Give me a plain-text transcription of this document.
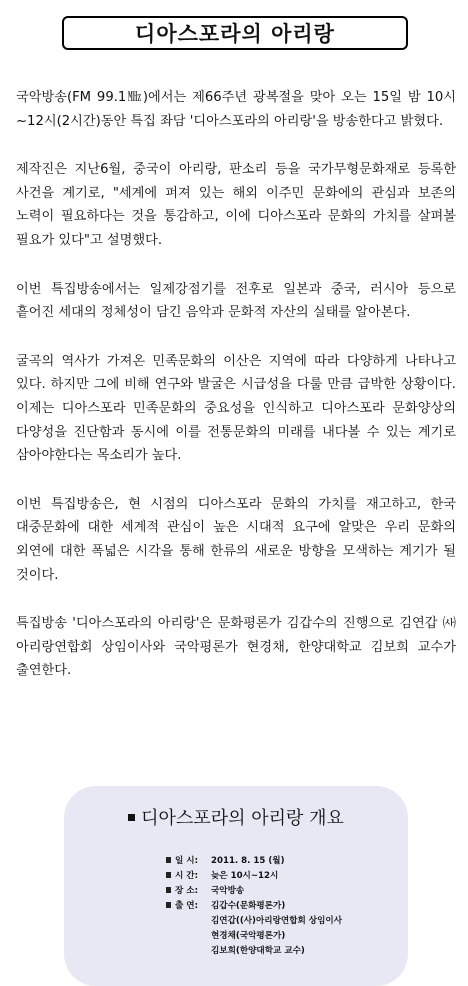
디아스포라의 아리랑

국악방송(FM 99.1㎒)에서는 제66주년 광복절을 맞아 오는 15일 밤 10시~12시(2시간)동안 특집 좌담 '디아스포라의 아리랑'을 방송한다고 밝혔다.

제작진은 지난6월, 중국이 아리랑, 판소리 등을 국가무형문화재로 등록한 사건을 계기로, "세계에 퍼져 있는 해외 이주민 문화에의 관심과 보존의 노력이 필요하다는 것을 통감하고, 이에 디아스포라 문화의 가치를 살펴볼 필요가 있다"고 설명했다.

이번 특집방송에서는 일제강점기를 전후로 일본과 중국, 러시아 등으로 흩어진 세대의 정체성이 담긴 음악과 문화적 자산의 실태를 알아본다.

굴곡의 역사가 가져온 민족문화의 이산은 지역에 따라 다양하게 나타나고 있다. 하지만 그에 비해 연구와 발굴은 시급성을 다룰 만큼 급박한 상황이다. 이제는 디아스포라 민족문화의 중요성을 인식하고 디아스포라 문화양상의 다양성을 진단함과 동시에 이를 전통문화의 미래를 내다볼 수 있는 계기로 삼아야한다는 목소리가 높다.

이번 특집방송은, 현 시점의 디아스포라 문화의 가치를 재고하고, 한국 대중문화에 대한 세계적 관심이 높은 시대적 요구에 알맞은 우리 문화의 외연에 대한 폭넓은 시각을 통해 한류의 새로운 방향을 모색하는 계기가 될 것이다.

특집방송 '디아스포라의 아리랑'은 문화평론가 김갑수의 진행으로 김연갑 ㈔아리랑연합회 상임이사와 국악평론가 현경채, 한양대학교 김보희 교수가 출연한다.

디아스포라의 아리랑 개요
일 시:	2011. 8. 15 (월)
시 간:	늦은 10시~12시
장 소:	국악방송
출 연:	김갑수(문화평론가)
김연갑((사)아리랑연합회 상임이사
현경채(국악평론가)
김보희(한양대학교 교수)
